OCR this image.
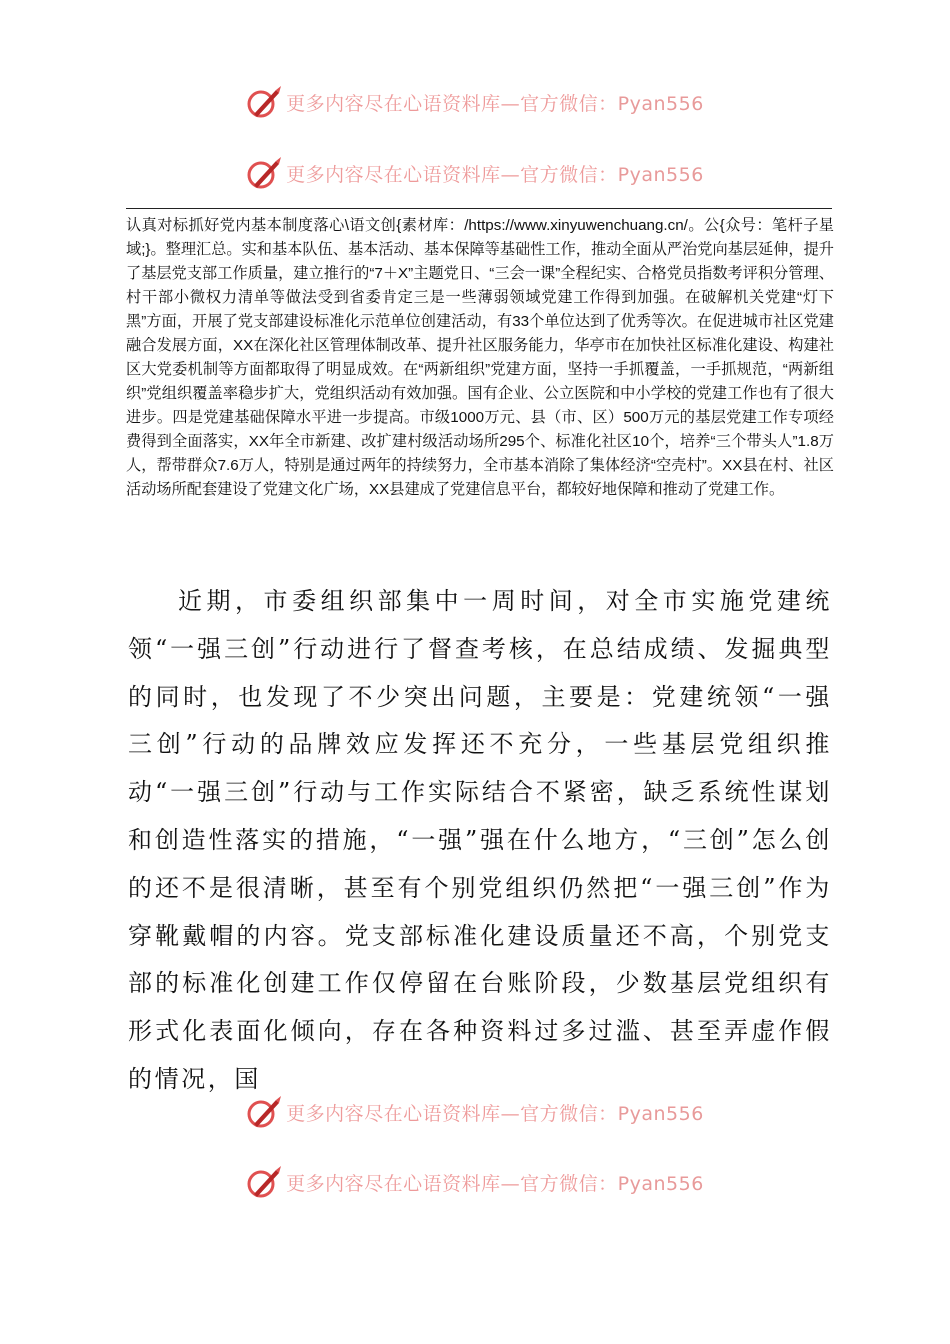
更多内容尽在心语资料库—官方微信：Pyan556
更多内容尽在心语资料库—官方微信：Pyan556
认真对标抓好党内基本制度落心\语文创{素材库：/https://www.xinyuwenchuang.cn/。公{众号：笔杆子星域;}。整理汇总。实和基本队伍、基本活动、基本保障等基础性工作，推动全面从严治党向基层延伸，提升了基层党支部工作质量，建立推行的“7＋X”主题党日、“三会一课”全程纪实、合格党员指数考评积分管理、村干部小微权力清单等做法受到省委肯定三是一些薄弱领域党建工作得到加强。在破解机关党建“灯下黑”方面，开展了党支部建设标准化示范单位创建活动，有33个单位达到了优秀等次。在促进城市社区党建融合发展方面，XX在深化社区管理体制改革、提升社区服务能力，华亭市在加快社区标准化建设、构建社区大党委机制等方面都取得了明显成效。在“两新组织”党建方面，坚持一手抓覆盖，一手抓规范，“两新组织”党组织覆盖率稳步扩大，党组织活动有效加强。国有企业、公立医院和中小学校的党建工作也有了很大进步。四是党建基础保障水平进一步提高。市级1000万元、县（市、区）500万元的基层党建工作专项经费得到全面落实，XX年全市新建、改扩建村级活动场所295个、标准化社区10个，培养“三个带头人”1.8万人，帮带群众7.6万人，特别是通过两年的持续努力，全市基本消除了集体经济“空壳村”。XX县在村、社区活动场所配套建设了党建文化广场，XX县建成了党建信息平台，都较好地保障和推动了党建工作。
近期，市委组织部集中一周时间，对全市实施党建统领“一强三创”行动进行了督查考核，在总结成绩、发掘典型的同时，也发现了不少突出问题，主要是：党建统领“一强三创”行动的品牌效应发挥还不充分，一些基层党组织推动“一强三创”行动与工作实际结合不紧密，缺乏系统性谋划和创造性落实的措施，“一强”强在什么地方，“三创”怎么创的还不是很清晰，甚至有个别党组织仍然把“一强三创”作为穿靴戴帽的内容。党支部标准化建设质量还不高，个别党支部的标准化创建工作仅停留在台账阶段，少数基层党组织有形式化表面化倾向，存在各种资料过多过滥、甚至弄虚作假的情况，国
更多内容尽在心语资料库—官方微信：Pyan556
更多内容尽在心语资料库—官方微信：Pyan556
